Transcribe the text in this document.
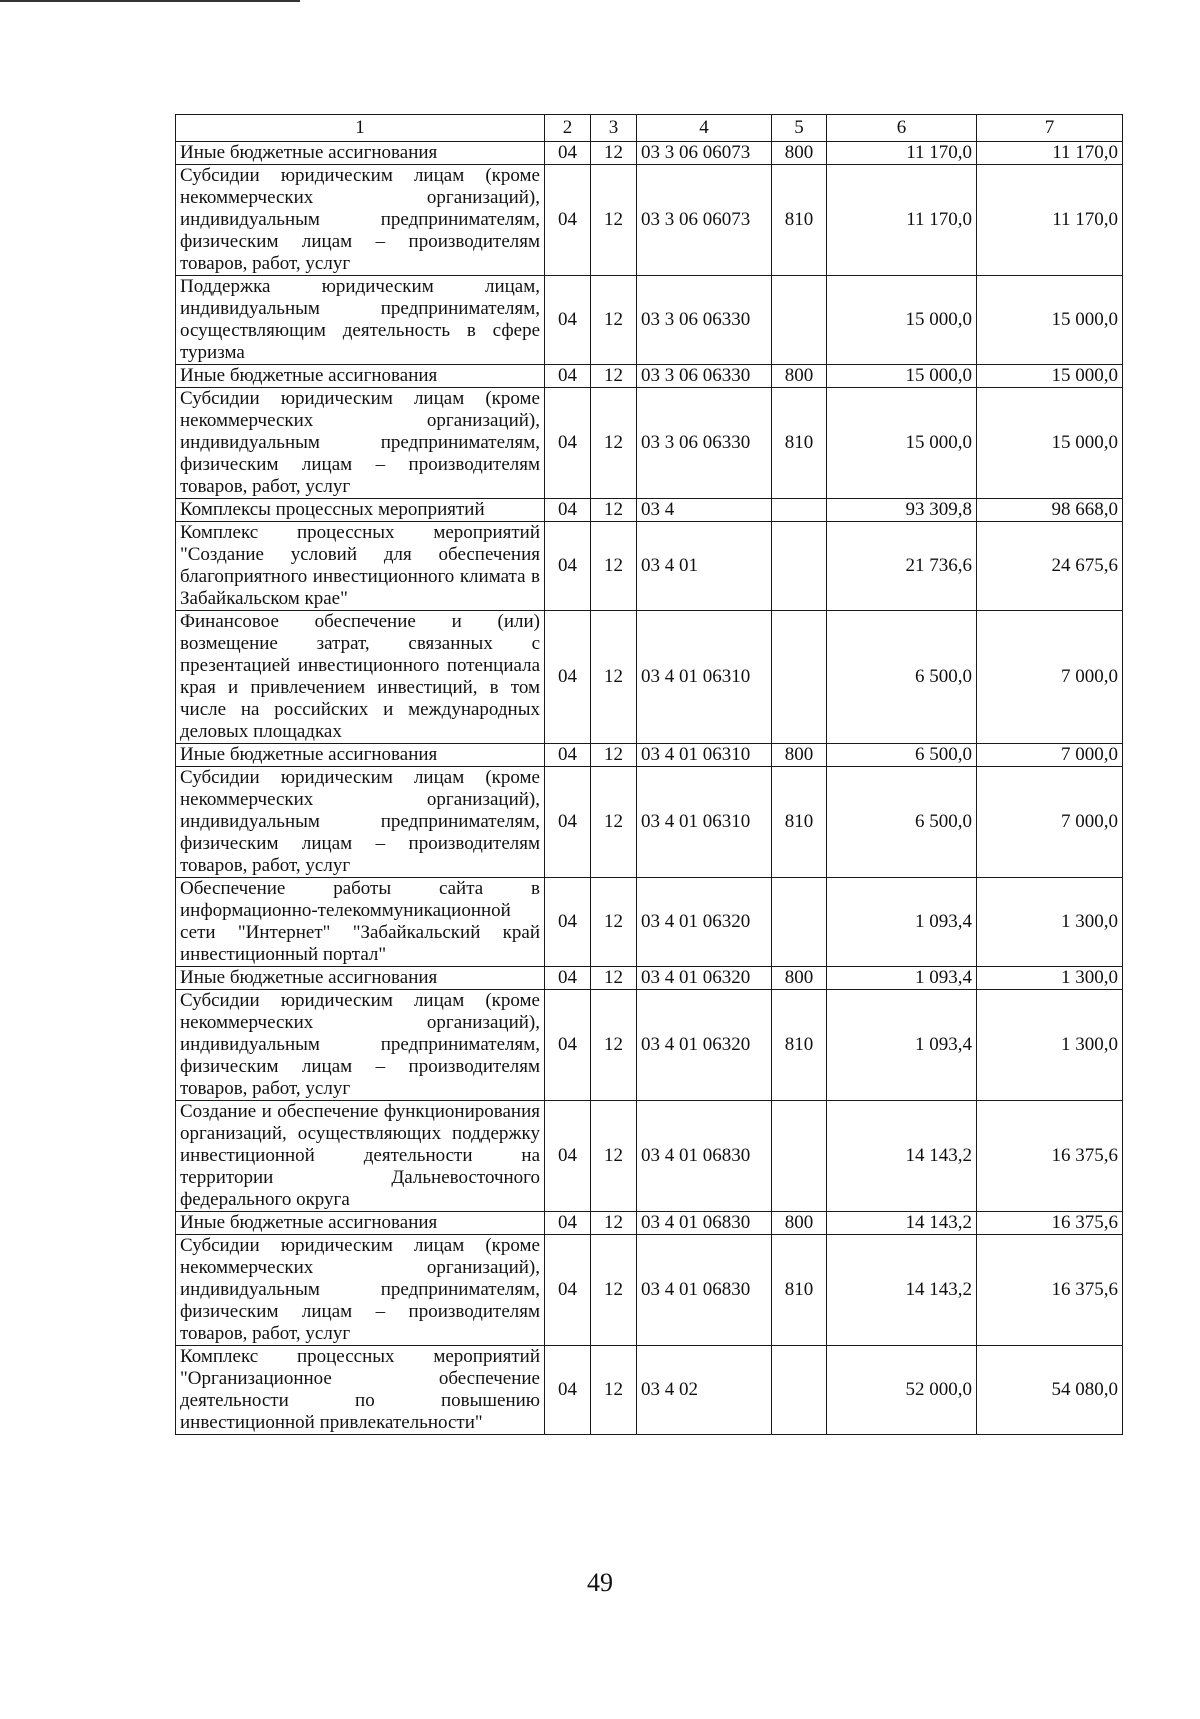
1	2	3	4	5	6	7
Иные бюджетные ассигнования	04	12	03 3 06 06073	800	11 170,0	11 170,0
Субсидии юридическим лицам (кроме некоммерческих организаций), индивидуальным предпринимателям, физическим лицам – производителям товаров, работ, услуг	04	12	03 3 06 06073	810	11 170,0	11 170,0
Поддержка юридическим лицам, индивидуальным предпринимателям, осуществляющим деятельность в сфере туризма	04	12	03 3 06 06330		15 000,0	15 000,0
Иные бюджетные ассигнования	04	12	03 3 06 06330	800	15 000,0	15 000,0
Субсидии юридическим лицам (кроме некоммерческих организаций), индивидуальным предпринимателям, физическим лицам – производителям товаров, работ, услуг	04	12	03 3 06 06330	810	15 000,0	15 000,0
Комплексы процессных мероприятий	04	12	03 4		93 309,8	98 668,0
Комплекс процессных мероприятий "Создание условий для обеспечения благоприятного инвестиционного климата в Забайкальском крае"	04	12	03 4 01		21 736,6	24 675,6
Финансовое обеспечение и (или) возмещение затрат, связанных с презентацией инвестиционного потенциала края и привлечением инвестиций, в том числе на российских и международных деловых площадках	04	12	03 4 01 06310		6 500,0	7 000,0
Иные бюджетные ассигнования	04	12	03 4 01 06310	800	6 500,0	7 000,0
Субсидии юридическим лицам (кроме некоммерческих организаций), индивидуальным предпринимателям, физическим лицам – производителям товаров, работ, услуг	04	12	03 4 01 06310	810	6 500,0	7 000,0
Обеспечение работы сайта в информационно-телекоммуникационной сети "Интернет" "Забайкальский край инвестиционный портал"	04	12	03 4 01 06320		1 093,4	1 300,0
Иные бюджетные ассигнования	04	12	03 4 01 06320	800	1 093,4	1 300,0
Субсидии юридическим лицам (кроме некоммерческих организаций), индивидуальным предпринимателям, физическим лицам – производителям товаров, работ, услуг	04	12	03 4 01 06320	810	1 093,4	1 300,0
Создание и обеспечение функционирования организаций, осуществляющих поддержку инвестиционной деятельности на территории Дальневосточного федерального округа	04	12	03 4 01 06830		14 143,2	16 375,6
Иные бюджетные ассигнования	04	12	03 4 01 06830	800	14 143,2	16 375,6
Субсидии юридическим лицам (кроме некоммерческих организаций), индивидуальным предпринимателям, физическим лицам – производителям товаров, работ, услуг	04	12	03 4 01 06830	810	14 143,2	16 375,6
Комплекс процессных мероприятий "Организационное обеспечение деятельности по повышению инвестиционной привлекательности"	04	12	03 4 02		52 000,0	54 080,0
49
